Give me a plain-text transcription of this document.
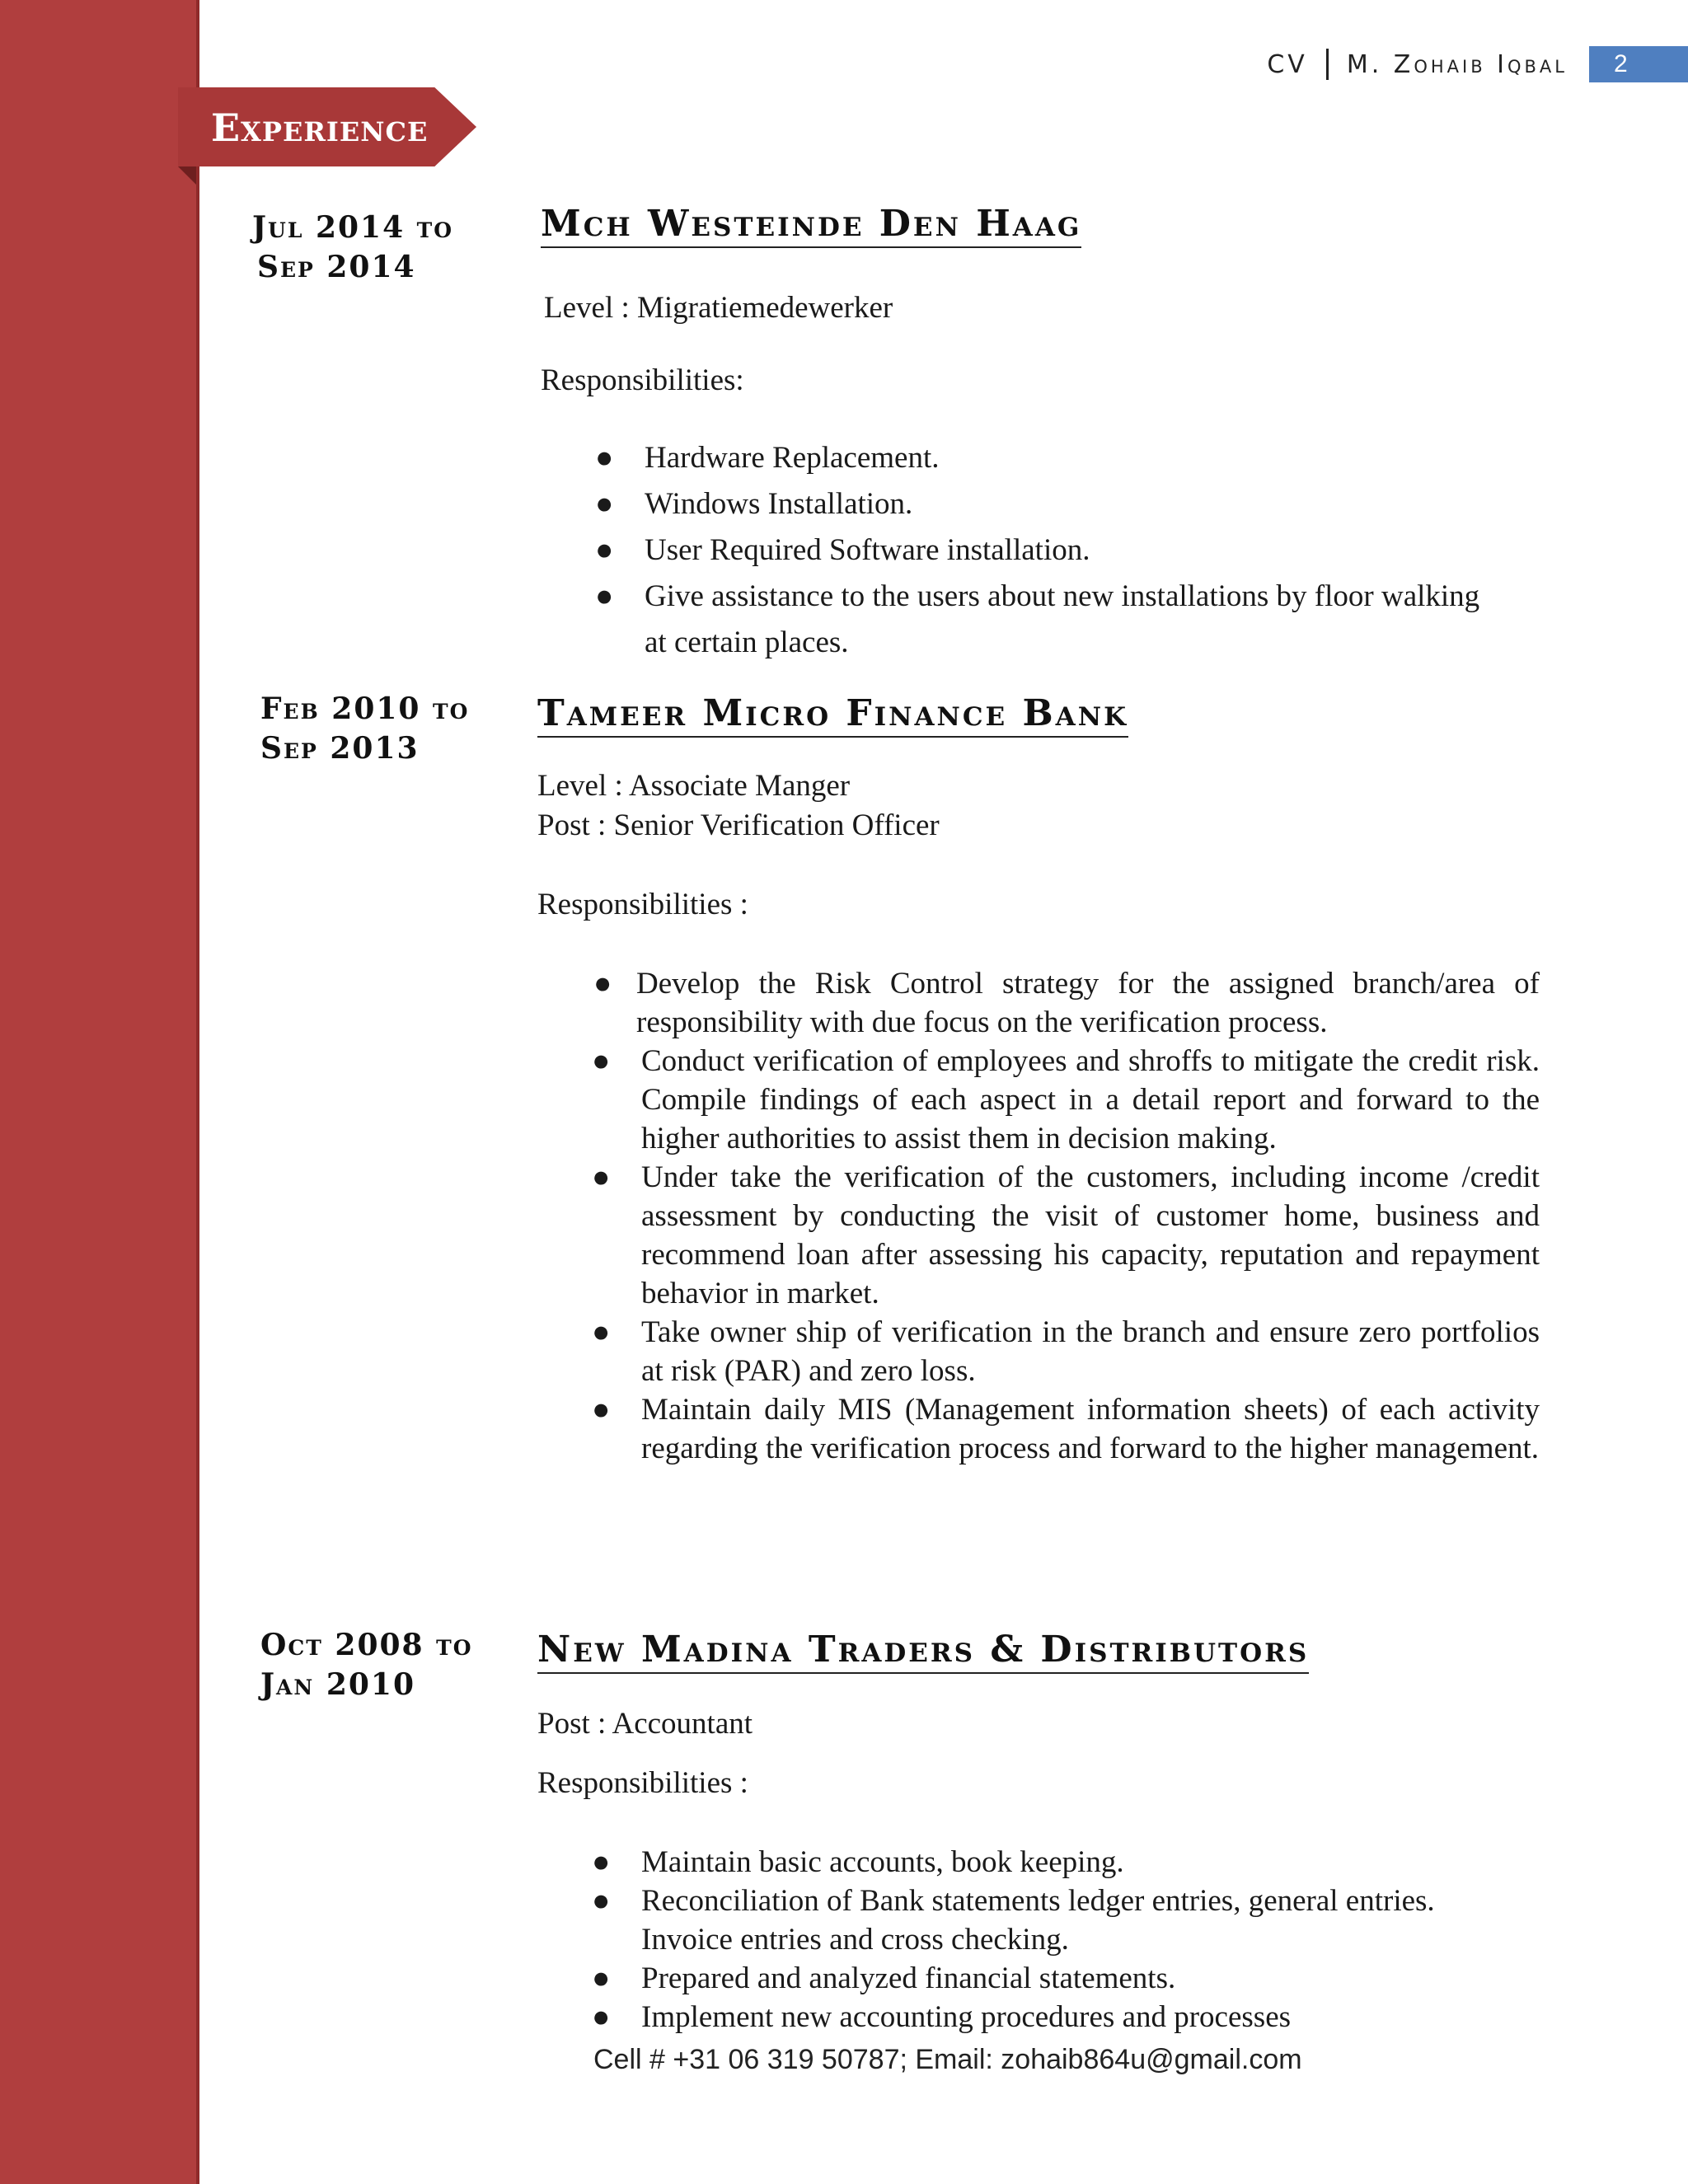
CV M. Zohaib Iqbal	2
Experience
Jul 2014 to
Sep 2014
Mch Westeinde Den Haag
Level : Migratiemedewerker
Responsibilities:
● Hardware Replacement.
● Windows Installation.
● User Required Software installation.
● Give assistance to the users about new installations by floor walking at certain places.
Feb 2010 to
Sep 2013
Tameer Micro Finance Bank
Level : Associate Manger
Post : Senior Verification Officer
Responsibilities :
● Develop the Risk Control strategy for the assigned branch/area of responsibility with due focus on the verification process.
● Conduct verification of employees and shroffs to mitigate the credit risk. Compile findings of each aspect in a detail report and forward to the higher authorities to assist them in decision making.
● Under take the verification of the customers, including income /credit assessment by conducting the visit of customer home, business and recommend loan after assessing his capacity, reputation and repayment behavior in market.
● Take owner ship of verification in the branch and ensure zero portfolios at risk (PAR) and zero loss.
● Maintain daily MIS (Management information sheets) of each activity regarding the verification process and forward to the higher management.
Oct 2008 to
Jan 2010
New Madina Traders & Distributors
Post : Accountant
Responsibilities :
● Maintain basic accounts, book keeping.
● Reconciliation of Bank statements ledger entries, general entries. Invoice entries and cross checking.
● Prepared and analyzed financial statements.
● Implement new accounting procedures and processes
Cell # +31 06 319 50787; Email: zohaib864u@gmail.com
